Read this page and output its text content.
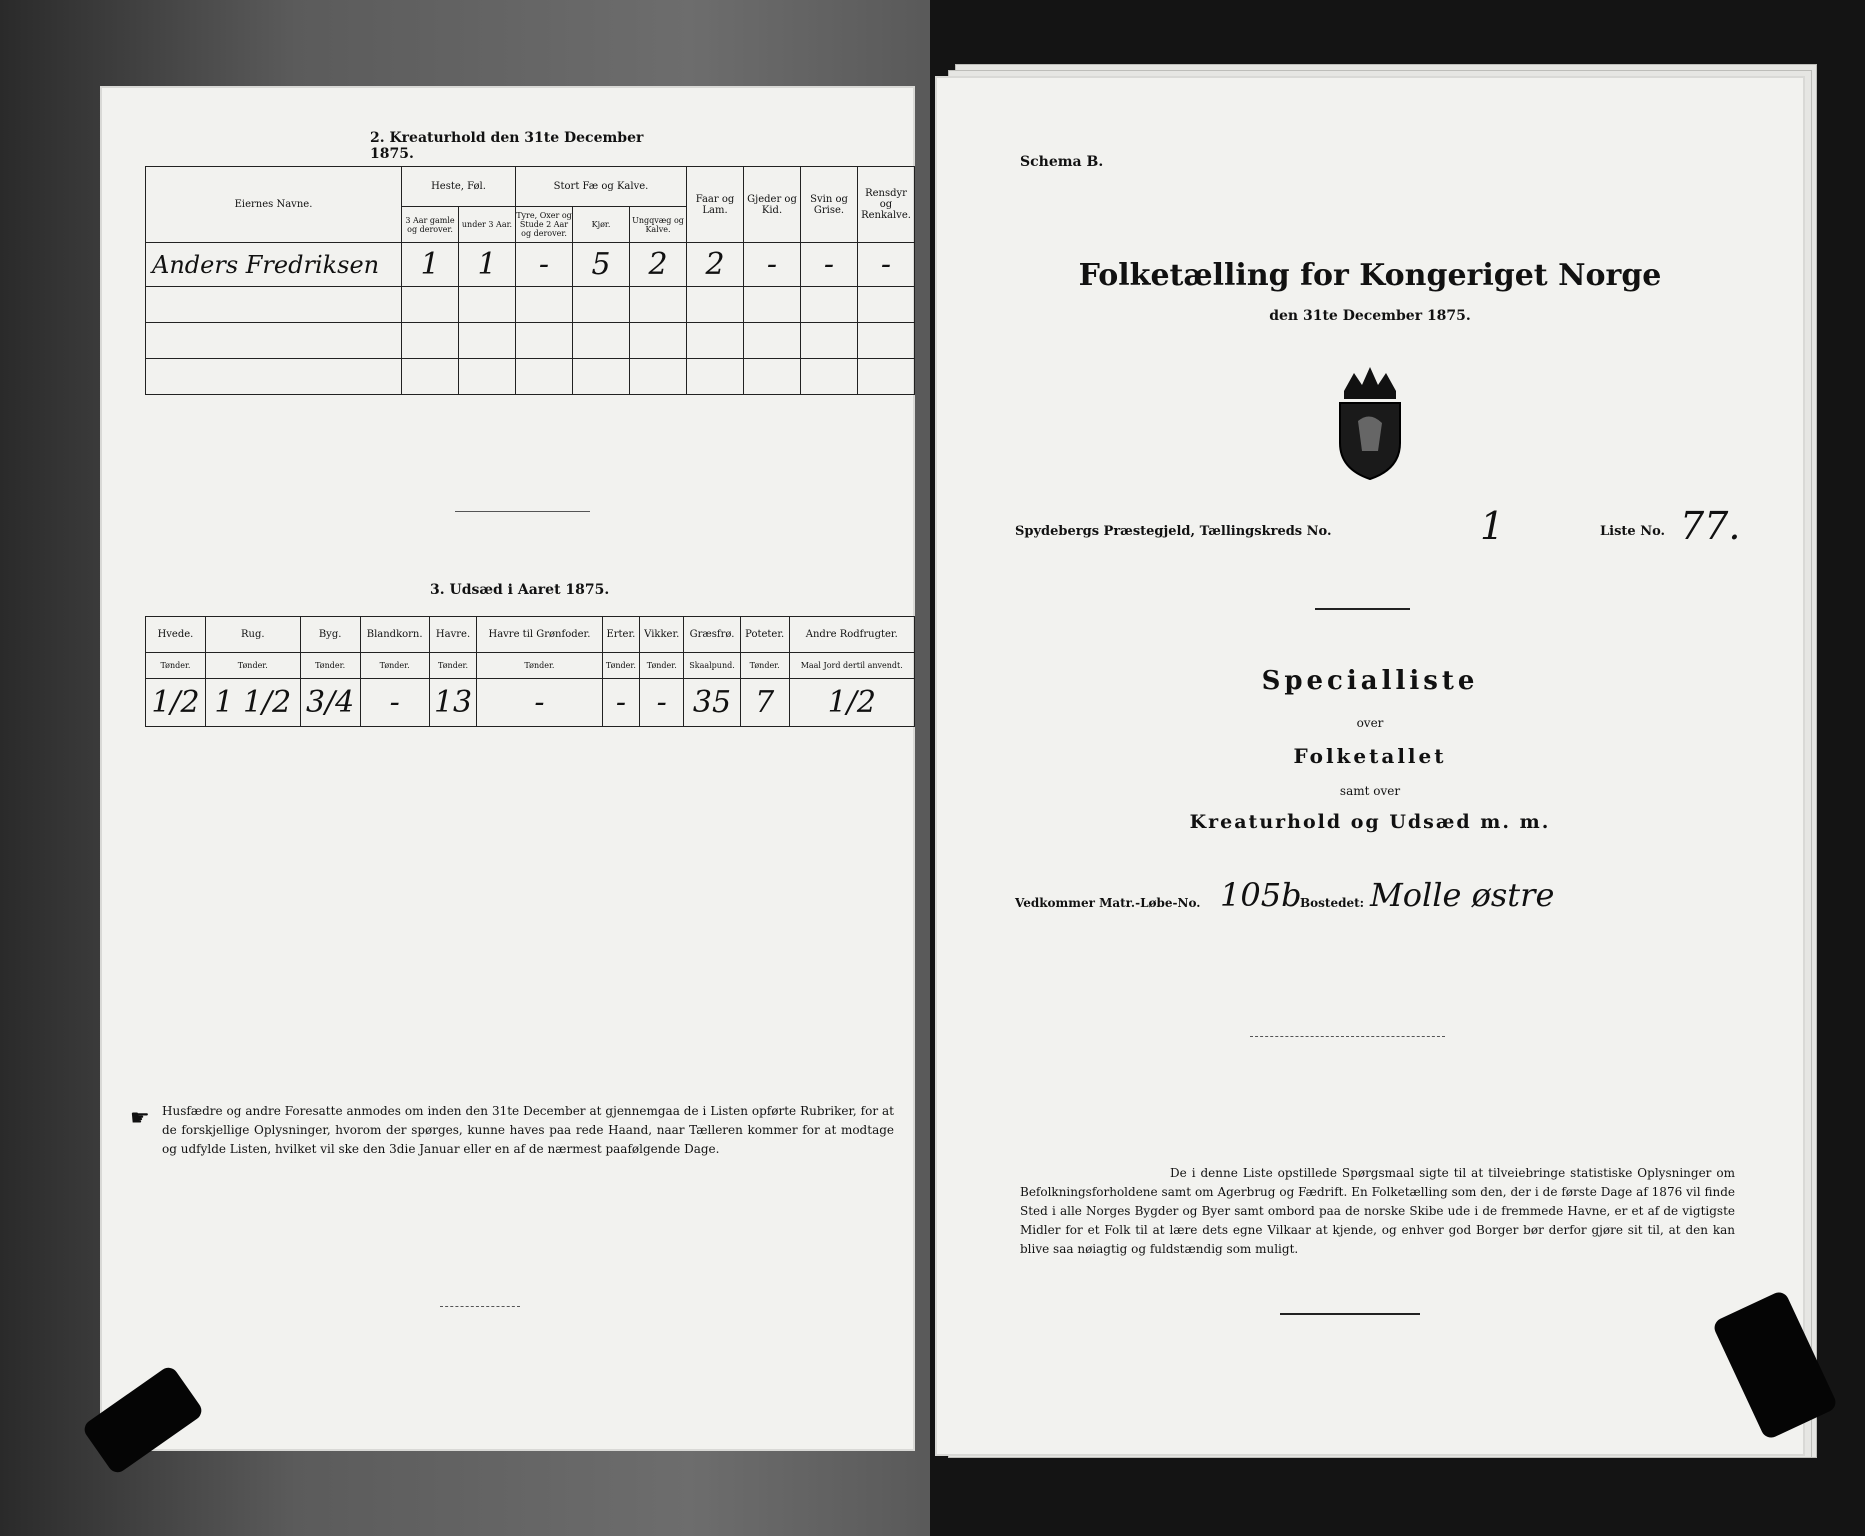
2. Kreaturhold den 31te December 1875.
Eiernes Navne.	Heste, Føl.		Stort Fæ og Kalve.			Faar og Lam.	Gjeder og Kid.	Svin og Grise.	Rensdyr og Renkalve.
	3 Aar gamle og derover.	under 3 Aar.	Tyre, Oxer og Stude 2 Aar og derover.	Kjør.	Ungqvæg og Kalve.				
Anders Fredriksen	1	1	-	5	2	2	-	-	-

3. Udsæd i Aaret 1875.
Hvede.	Rug.	Byg.	Blandkorn.	Havre.	Havre til Grønfoder.	Erter.	Vikker.	Græsfrø.	Poteter.	Andre Rodfrugter.
Tønder.	Tønder.	Tønder.	Tønder.	Tønder.	Tønder.	Tønder.	Tønder.	Skaalpund.	Tønder.	Maal Jord dertil anvendt.
1/2	1 1/2	3/4	-	13	-	-	-	35	7	1/2
☛ Husfædre og andre Foresatte anmodes om inden den 31te December at gjennemgaa de i Listen opførte Rubriker, for at de forskjellige Oplysninger, hvorom der spørges, kunne haves paa rede Haand, naar Tælleren kommer for at modtage og udfylde Listen, hvilket vil ske den 3die Januar eller en af de nærmest paafølgende Dage.
Schema B.
Folketælling for Kongeriget Norge
den 31te December 1875.
Spydebergs Præstegjeld, Tællingskreds No.	1	Liste No. 77.
Specialliste
over
Folketallet
samt over
Kreaturhold og Udsæd m. m.
Vedkommer Matr.-Løbe-No. 105b
Bostedet: Molle østre
De i denne Liste opstillede Spørgsmaal sigte til at tilveiebringe statistiske Oplysninger om Befolkningsforholdene samt om Agerbrug og Fædrift. En Folketælling som den, der i de første Dage af 1876 vil finde Sted i alle Norges Bygder og Byer samt ombord paa de norske Skibe ude i de fremmede Havne, er et af de vigtigste Midler for et Folk til at lære dets egne Vilkaar at kjende, og enhver god Borger bør derfor gjøre sit til, at den kan blive saa nøiagtig og fuldstændig som muligt.
